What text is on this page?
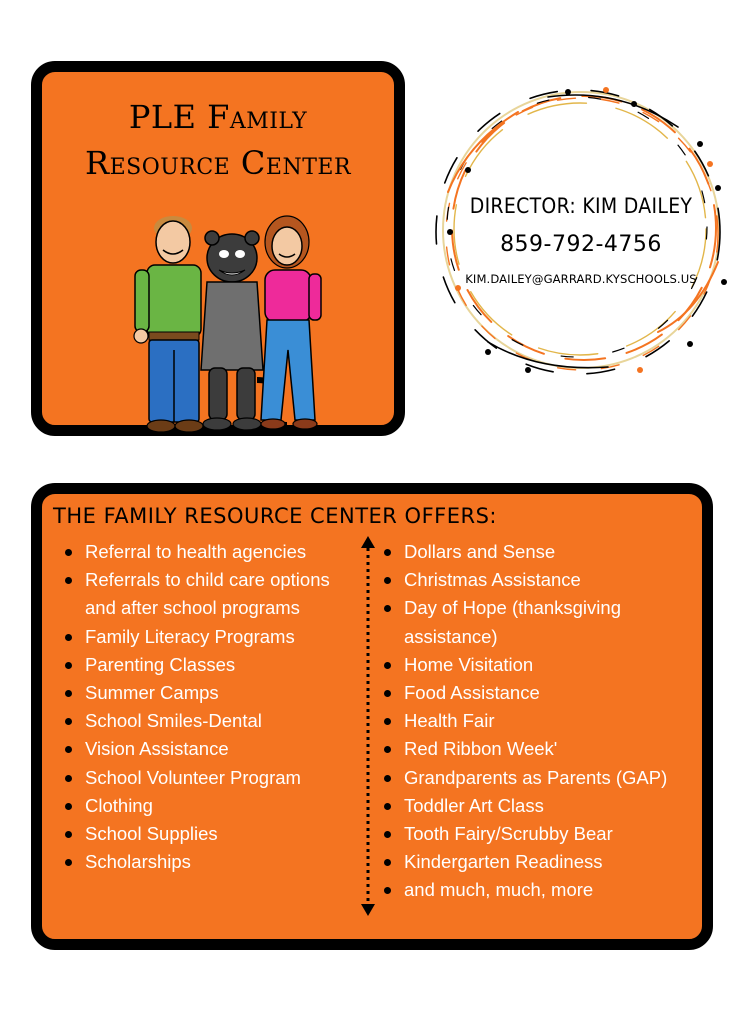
PLE Family
Resource Center
DIRECTOR: KIM DAILEY
859-792-4756
KIM.DAILEY@GARRARD.KYSCHOOLS.US
THE FAMILY RESOURCE CENTER OFFERS:
Referral to health agencies
Referrals to child care options and after school programs
Family Literacy Programs
Parenting Classes
Summer Camps
School Smiles-Dental
Vision Assistance
School Volunteer Program
Clothing
School Supplies
Scholarships
Dollars and Sense
Christmas Assistance
Day of Hope (thanksgiving assistance)
Home Visitation
Food Assistance
Health Fair
Red Ribbon Week'
Grandparents as Parents (GAP)
Toddler Art Class
Tooth Fairy/Scrubby Bear
Kindergarten Readiness
and much, much, more
